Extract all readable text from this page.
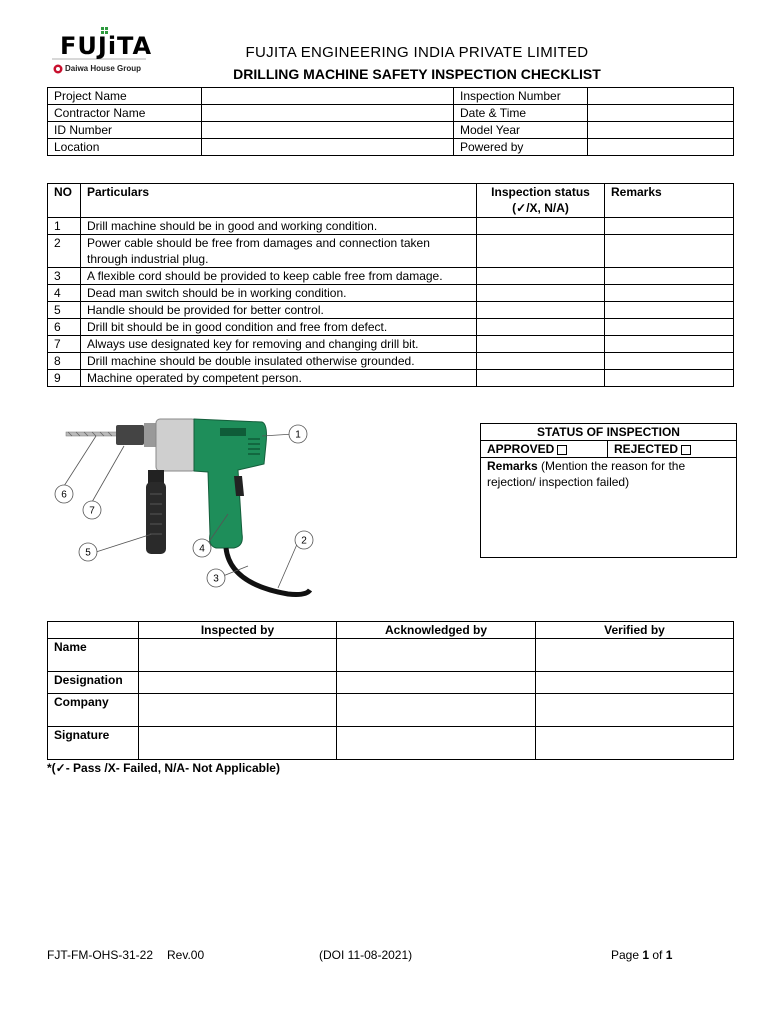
FUJiTA
Daiwa House Group
FUJITA ENGINEERING INDIA PRIVATE LIMITED
DRILLING MACHINE SAFETY INSPECTION CHECKLIST
Project Name		Inspection Number	
Contractor Name		Date & Time	
ID Number		Model Year	
Location		Powered by	
NO	Particulars	Inspection status
(✓/X, N/A)	Remarks
1	Drill machine should be in good and working condition.		
2	Power cable should be free from damages and connection taken through industrial plug.		
3	A flexible cord should be provided to keep cable free from damage.		
4	Dead man switch should be in working condition.		
5	Handle should be provided for better control.		
6	Drill bit should be in good condition and free from defect.		
7	Always use designated key for removing and changing drill bit.		
8	Drill machine should be double insulated otherwise grounded.		
9	Machine operated by competent person.		
1
2
3
4
5
6
7
STATUS OF INSPECTION
APPROVED	REJECTED
Remarks (Mention the reason for the rejection/ inspection failed)
	Inspected by	Acknowledged by	Verified by
Name			
Designation			
Company			
Signature			
*(✓- Pass /X- Failed, N/A- Not Applicable)
FJT-FM-OHS-31-22 Rev.00	(DOI 11-08-2021)	Page 1 of 1
